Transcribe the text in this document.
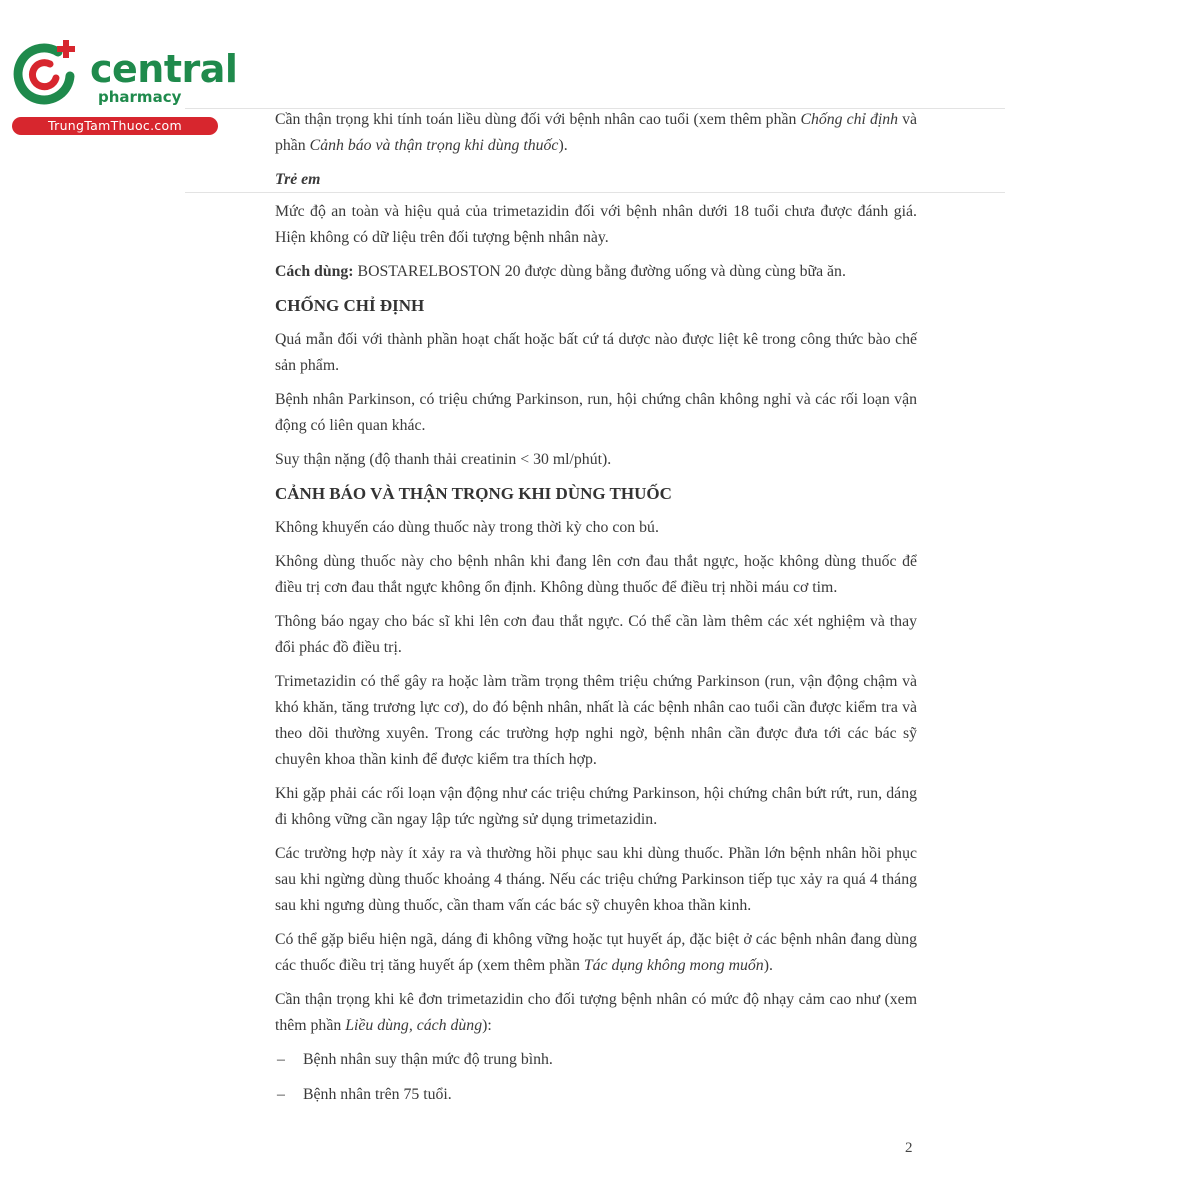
central
pharmacy
TrungTamThuoc.com	Cần thận trọng khi tính toán liều dùng đối với bệnh nhân cao tuổi (xem thêm phần Chống chỉ định và phần Cảnh báo và thận trọng khi dùng thuốc).

Trẻ em

Mức độ an toàn và hiệu quả của trimetazidin đối với bệnh nhân dưới 18 tuổi chưa được đánh giá. Hiện không có dữ liệu trên đối tượng bệnh nhân này.

Cách dùng: BOSTARELBOSTON 20 được dùng bằng đường uống và dùng cùng bữa ăn.

CHỐNG CHỈ ĐỊNH

Quá mẫn đối với thành phần hoạt chất hoặc bất cứ tá dược nào được liệt kê trong công thức bào chế sản phẩm.

Bệnh nhân Parkinson, có triệu chứng Parkinson, run, hội chứng chân không nghỉ và các rối loạn vận động có liên quan khác.

Suy thận nặng (độ thanh thải creatinin < 30 ml/phút).

CẢNH BÁO VÀ THẬN TRỌNG KHI DÙNG THUỐC

Không khuyến cáo dùng thuốc này trong thời kỳ cho con bú.

Không dùng thuốc này cho bệnh nhân khi đang lên cơn đau thắt ngực, hoặc không dùng thuốc để điều trị cơn đau thắt ngực không ổn định. Không dùng thuốc để điều trị nhồi máu cơ tim.

Thông báo ngay cho bác sĩ khi lên cơn đau thắt ngực. Có thể cần làm thêm các xét nghiệm và thay đổi phác đồ điều trị.

Trimetazidin có thể gây ra hoặc làm trầm trọng thêm triệu chứng Parkinson (run, vận động chậm và khó khăn, tăng trương lực cơ), do đó bệnh nhân, nhất là các bệnh nhân cao tuổi cần được kiểm tra và theo dõi thường xuyên. Trong các trường hợp nghi ngờ, bệnh nhân cần được đưa tới các bác sỹ chuyên khoa thần kinh để được kiểm tra thích hợp.

Khi gặp phải các rối loạn vận động như các triệu chứng Parkinson, hội chứng chân bứt rứt, run, dáng đi không vững cần ngay lập tức ngừng sử dụng trimetazidin.

Các trường hợp này ít xảy ra và thường hồi phục sau khi dùng thuốc. Phần lớn bệnh nhân hồi phục sau khi ngừng dùng thuốc khoảng 4 tháng. Nếu các triệu chứng Parkinson tiếp tục xảy ra quá 4 tháng sau khi ngưng dùng thuốc, cần tham vấn các bác sỹ chuyên khoa thần kinh.

Có thể gặp biểu hiện ngã, dáng đi không vững hoặc tụt huyết áp, đặc biệt ở các bệnh nhân đang dùng các thuốc điều trị tăng huyết áp (xem thêm phần Tác dụng không mong muốn).

Cần thận trọng khi kê đơn trimetazidin cho đối tượng bệnh nhân có mức độ nhạy cảm cao như (xem thêm phần Liều dùng, cách dùng):

– Bệnh nhân suy thận mức độ trung bình.
– Bệnh nhân trên 75 tuổi.
2
